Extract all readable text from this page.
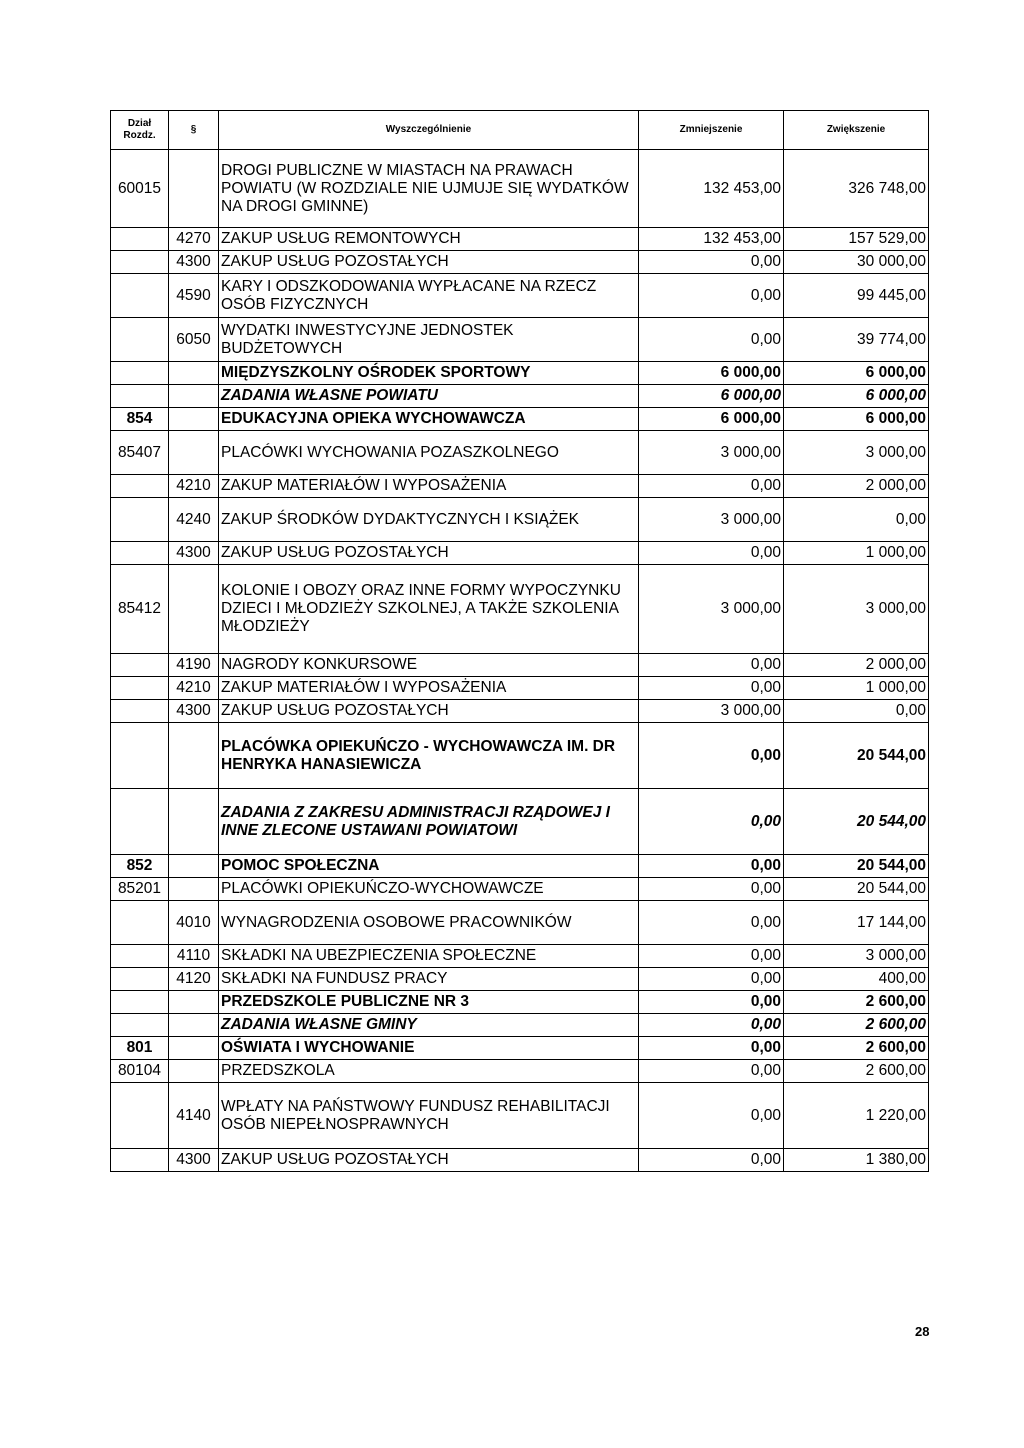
Dział Rozdz.	§	Wyszczególnienie	Zmniejszenie	Zwiększenie
60015		DROGI PUBLICZNE W MIASTACH NA PRAWACH POWIATU (W ROZDZIALE NIE UJMUJE SIĘ WYDATKÓW NA DROGI GMINNE)	132 453,00	326 748,00
	4270	ZAKUP USŁUG REMONTOWYCH	132 453,00	157 529,00
	4300	ZAKUP USŁUG POZOSTAŁYCH	0,00	30 000,00
	4590	KARY I ODSZKODOWANIA WYPŁACANE NA RZECZ OSÓB FIZYCZNYCH	0,00	99 445,00
	6050	WYDATKI INWESTYCYJNE JEDNOSTEK BUDŻETOWYCH	0,00	39 774,00
		MIĘDZYSZKOLNY OŚRODEK SPORTOWY	6 000,00	6 000,00
		ZADANIA WŁASNE POWIATU	6 000,00	6 000,00
854		EDUKACYJNA OPIEKA WYCHOWAWCZA	6 000,00	6 000,00
85407		PLACÓWKI WYCHOWANIA POZASZKOLNEGO	3 000,00	3 000,00
	4210	ZAKUP MATERIAŁÓW I WYPOSAŻENIA	0,00	2 000,00
	4240	ZAKUP ŚRODKÓW DYDAKTYCZNYCH I KSIĄŻEK	3 000,00	0,00
	4300	ZAKUP USŁUG POZOSTAŁYCH	0,00	1 000,00
85412		KOLONIE I OBOZY ORAZ INNE FORMY WYPOCZYNKU DZIECI I MŁODZIEŻY SZKOLNEJ, A TAKŻE SZKOLENIA MŁODZIEŻY	3 000,00	3 000,00
	4190	NAGRODY KONKURSOWE	0,00	2 000,00
	4210	ZAKUP MATERIAŁÓW I WYPOSAŻENIA	0,00	1 000,00
	4300	ZAKUP USŁUG POZOSTAŁYCH	3 000,00	0,00
		PLACÓWKA OPIEKUŃCZO - WYCHOWAWCZA IM. DR HENRYKA HANASIEWICZA	0,00	20 544,00
		ZADANIA Z ZAKRESU ADMINISTRACJI RZĄDOWEJ I INNE ZLECONE USTAWANI POWIATOWI	0,00	20 544,00
852		POMOC SPOŁECZNA	0,00	20 544,00
85201		PLACÓWKI OPIEKUŃCZO-WYCHOWAWCZE	0,00	20 544,00
	4010	WYNAGRODZENIA OSOBOWE PRACOWNIKÓW	0,00	17 144,00
	4110	SKŁADKI NA UBEZPIECZENIA SPOŁECZNE	0,00	3 000,00
	4120	SKŁADKI NA FUNDUSZ PRACY	0,00	400,00
		PRZEDSZKOLE PUBLICZNE NR 3	0,00	2 600,00
		ZADANIA WŁASNE GMINY	0,00	2 600,00
801		OŚWIATA I WYCHOWANIE	0,00	2 600,00
80104		PRZEDSZKOLA	0,00	2 600,00
	4140	WPŁATY NA PAŃSTWOWY FUNDUSZ REHABILITACJI OSÓB NIEPEŁNOSPRAWNYCH	0,00	1 220,00
	4300	ZAKUP USŁUG POZOSTAŁYCH	0,00	1 380,00
28
